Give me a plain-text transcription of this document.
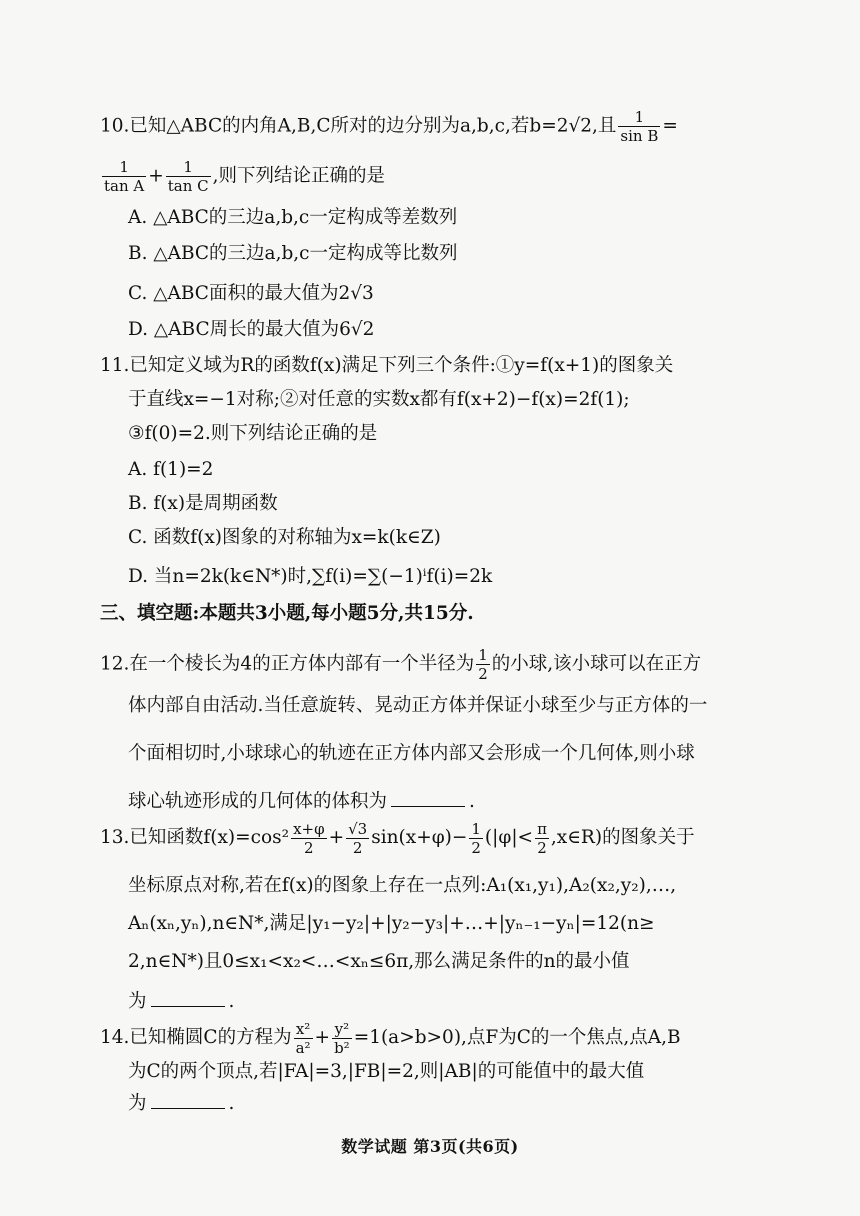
10.已知△ABC的内角A,B,C所对的边分别为a,b,c,若b=2√2,且 $\frac{1}{\text{sin B}}$ =
$\frac{1}{\text{tan A}} + \frac{1}{\text{tan C}}$ ,则下列结论正确的是
A. △ABC的三边a,b,c一定构成等差数列
B. △ABC的三边a,b,c一定构成等比数列
C. △ABC面积的最大值为2√3
D. △ABC周长的最大值为6√2
11.已知定义域为R的函数f(x)满足下列三个条件:①y=f(x+1)的图象关
于直线x=−1对称;②对任意的实数x都有f(x+2)−f(x)=2f(1);
③f(0)=2.则下列结论正确的是
A. f(1)=2
B. f(x)是周期函数
C. 函数f(x)图象的对称轴为x=k(k∈Z)
D. 当n=2k(k∈N*)时,∑f(i)=∑(−1)ⁱf(i)=2k
三、填空题:本题共3小题,每小题5分,共15分.
12.在一个棱长为4的正方体内部有一个半径为 $\frac{1}{2}$ 的小球,该小球可以在正方
体内部自由活动.当任意旋转、晃动正方体并保证小球至少与正方体的一
个面相切时,小球球心的轨迹在正方体内部又会形成一个几何体,则小球
球心轨迹形成的几何体的体积为	.
13.已知函数$f(x)=\cos^2 \frac{x+\varphi}{2} + \frac{√3}{2} \sin(x+\varphi)- \frac{1}{2} (|\varphi|< \frac{\pi}{2}$ ,x∈R)的图象关于
坐标原点对称,若在f(x)的图象上存在一点列:A₁(x₁,y₁),A₂(x₂,y₂),…,
Aₙ(xₙ,yₙ),n∈N*,满足|y₁−y₂|+|y₂−y₃|+…+|yₙ₋₁−yₙ|=12(n≥
2,n∈N*)且0≤x₁<x₂<…<xₙ≤6π,那么满足条件的n的最小值
为	.
14.已知椭圆C的方程为 $\frac{\text{x²}}{\text{a²}} + \frac{\text{y²}}{\text{b²}} =1(a>b>0)$,点F为C的一个焦点,点A,B
为C的两个顶点,若|FA|=3,|FB|=2,则|AB|的可能值中的最大值
为	.
数学试题 第3页(共6页)
